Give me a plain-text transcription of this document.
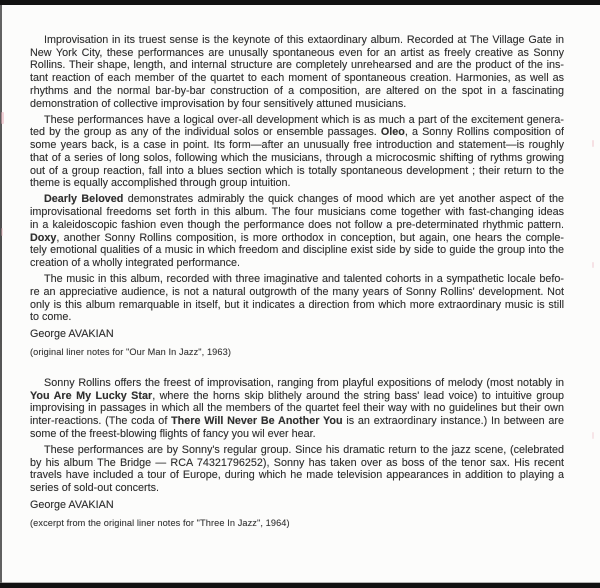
Improvisation in its truest sense is the keynote of this extaordinary album. Recorded at The Village Gate in
New York City, these performances are unusally spontaneous even for an artist as freely creative as Sonny
Rollins. Their shape, length, and internal structure are completely unrehearsed and are the product of the ins-
tant reaction of each member of the quartet to each moment of spontaneous creation. Harmonies, as well as
rhythms and the normal bar-by-bar construction of a composition, are altered on the spot in a fascinating
demonstration of collective improvisation by four sensitively attuned musicians.
These performances have a logical over-all development which is as much a part of the excitement genera-
ted by the group as any of the individual solos or ensemble passages. Oleo, a Sonny Rollins composition of
some years back, is a case in point. Its form—after an unusually free introduction and statement—is roughly
that of a series of long solos, following which the musicians, through a microcosmic shifting of rythms growing
out of a group reaction, fall into a blues section which is totally spontaneous development ; their return to the
theme is equally accomplished through group intuition.
Dearly Beloved demonstrates admirably the quick changes of mood which are yet another aspect of the
improvisational freedoms set forth in this album. The four musicians come together with fast-changing ideas
in a kaleidoscopic fashion even though the performance does not follow a pre-determinated rhythmic pattern.
Doxy, another Sonny Rollins composition, is more orthodox in conception, but again, one hears the comple-
tely emotional qualities of a music in which freedom and discipline exist side by side to guide the group into the
creation of a wholly integrated performance.
The music in this album, recorded with three imaginative and talented cohorts in a sympathetic locale befo-
re an appreciative audience, is not a natural outgrowth of the many years of Sonny Rollins' development. Not
only is this album remarquable in itself, but it indicates a direction from which more extraordinary music is still
to come.
George AVAKIAN
(original liner notes for "Our Man In Jazz", 1963)
Sonny Rollins offers the freest of improvisation, ranging from playful expositions of melody (most notably in
You Are My Lucky Star, where the horns skip blithely around the string bass' lead voice) to intuitive group
improvising in passages in which all the members of the quartet feel their way with no guidelines but their own
inter-reactions. (The coda of There Will Never Be Another You is an extraordinary instance.) In between are
some of the freest-blowing flights of fancy you wil ever hear.
These performances are by Sonny's regular group. Since his dramatic return to the jazz scene, (celebrated
by his album The Bridge — RCA 74321796252), Sonny has taken over as boss of the tenor sax. His recent
travels have included a tour of Europe, during which he made television appearances in addition to playing a
series of sold-out concerts.
George AVAKIAN
(excerpt from the original liner notes for "Three In Jazz", 1964)
